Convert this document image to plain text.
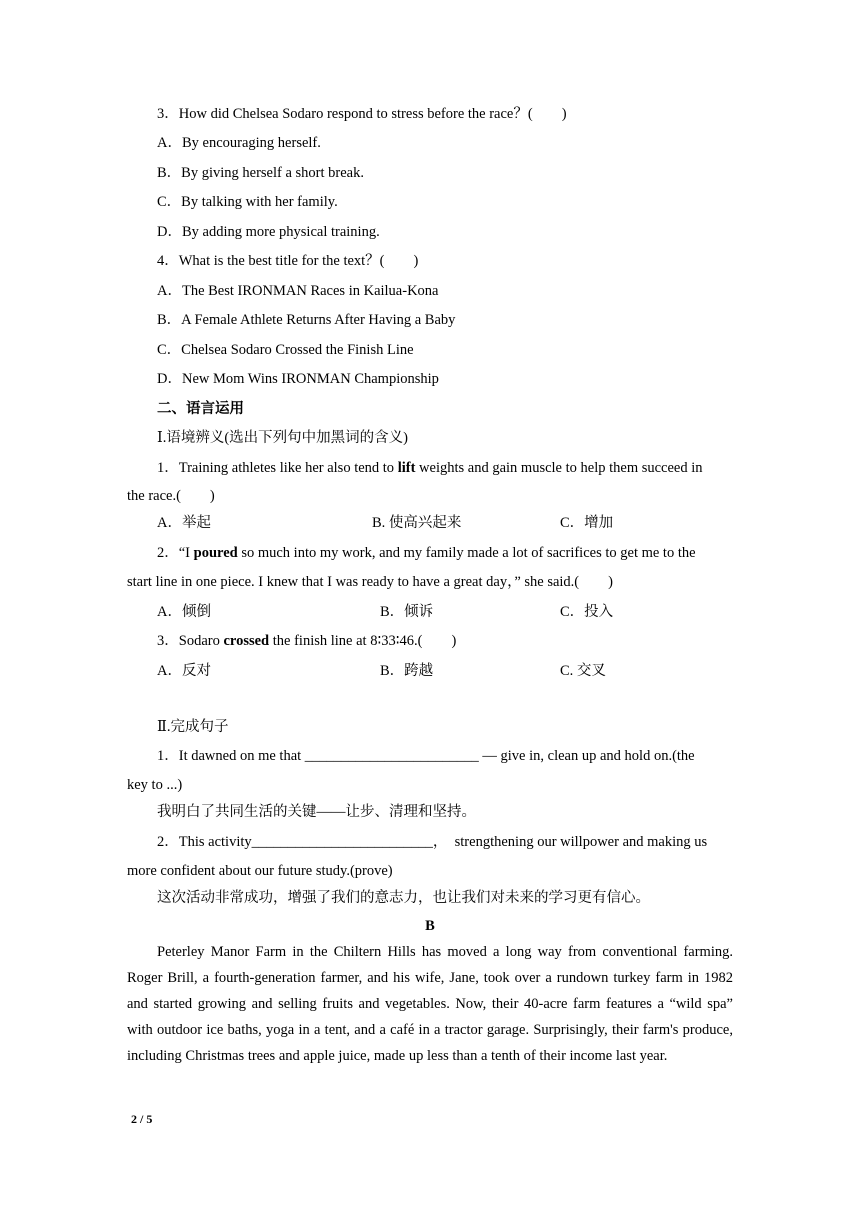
3．How did Chelsea Sodaro respond to stress before the race？(　　)
A．By encouraging herself.
B．By giving herself a short break.
C．By talking with her family.
D．By adding more physical training.
4．What is the best title for the text？(　　)
A．The Best IRONMAN Races in Kailua-Kona
B．A Female Athlete Returns After Having a Baby
C．Chelsea Sodaro Crossed the Finish Line
D．New Mom Wins IRONMAN Championship
二、语言运用
Ⅰ.语境辨义(选出下列句中加黑词的含义)
1．Training athletes like her also tend to lift weights and gain muscle to help them succeed in
the race.(　　)
A．举起	B. 使高兴起来	C．增加
2．“I poured so much into my work, and my family made a lot of sacrifices to get me to the
start line in one piece. I knew that I was ready to have a great day，” she said.(　　)
A．倾倒	B．倾诉	C．投入
3．Sodaro crossed the finish line at 8∶33∶46.(　　)
A．反对	B．跨越	C. 交叉
Ⅱ.完成句子
1．It dawned on me that ________________________ — give in, clean up and hold on.(the
key to ...)
我明白了共同生活的关键——让步、清理和坚持。
2．This activity_________________________，　strengthening our willpower and making us
more confident about our future study.(prove)
这次活动非常成功，增强了我们的意志力，也让我们对未来的学习更有信心。
B
Peterley Manor Farm in the Chiltern Hills has moved a long way from conventional farming. Roger Brill, a fourth-generation farmer, and his wife, Jane, took over a rundown turkey farm in 1982 and started growing and selling fruits and vegetables. Now, their 40-acre farm features a “wild spa” with outdoor ice baths, yoga in a tent, and a café in a tractor garage. Surprisingly, their farm's produce, including Christmas trees and apple juice, made up less than a tenth of their income last year.
2 / 5
